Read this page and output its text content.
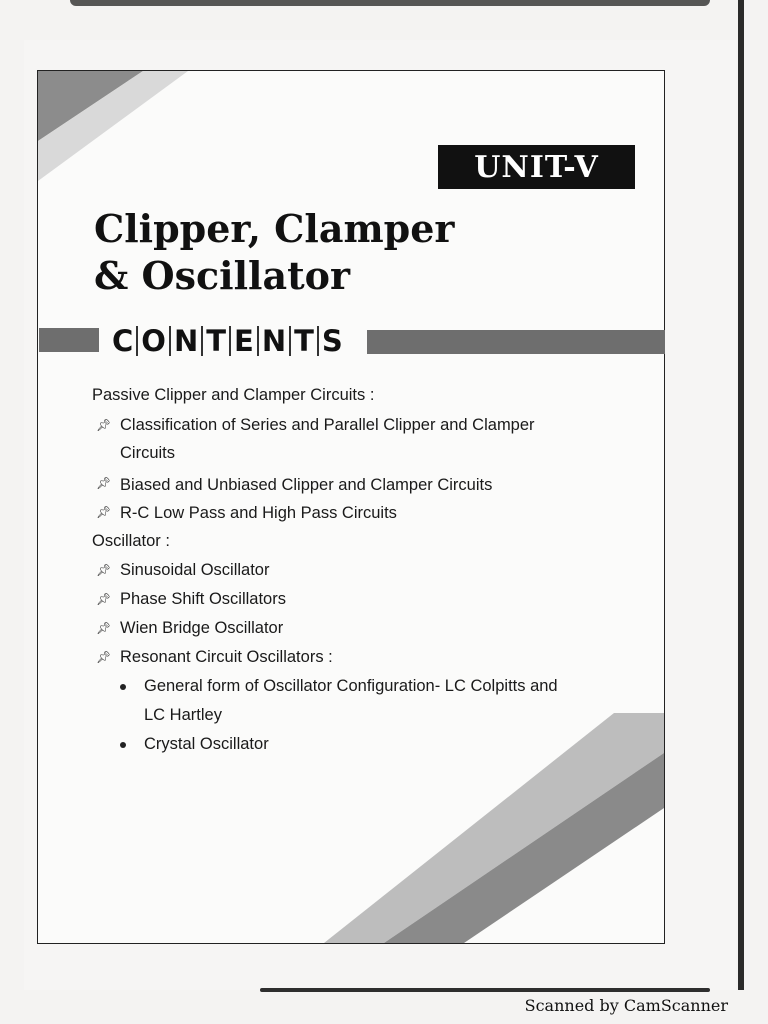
UNIT-V
Clipper, Clamper
& Oscillator
C O N T E N T S
Passive Clipper and Clamper Circuits :
📌︎ Classification of Series and Parallel Clipper and Clamper
Circuits
📌︎ Biased and Unbiased Clipper and Clamper Circuits
📌︎ R-C Low Pass and High Pass Circuits
Oscillator :
📌︎ Sinusoidal Oscillator
📌︎ Phase Shift Oscillators
📌︎ Wien Bridge Oscillator
📌︎ Resonant Circuit Oscillators :
General form of Oscillator Configuration- LC Colpitts and
LC Hartley
Crystal Oscillator
Scanned by CamScanner
